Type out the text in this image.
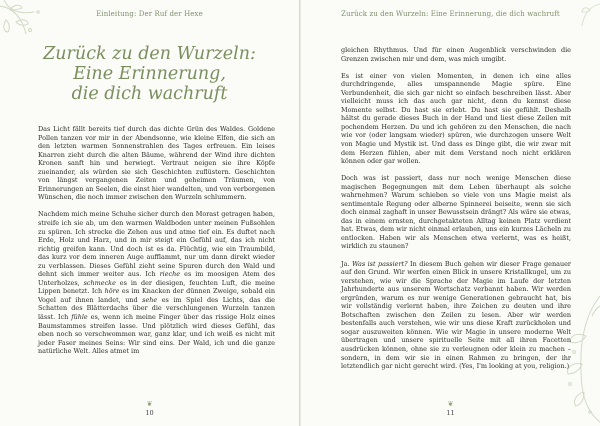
Einleitung: Der Ruf der Hexe
Zurück zu den Wurzeln:
Eine Erinnerung,
die dich wachruft

Das Licht fällt bereits tief durch das dichte Grün des Waldes. Goldene Pollen tanzen vor mir in der Abendsonne, wie kleine Elfen, die sich an den letzten warmen Sonnenstrahlen des Tages erfreuen. Ein leises Knarren zieht durch die alten Bäume, während der Wind ihre dichten Kronen sanft hin und herwiegt. Vertraut neigen sie ihre Köpfe zueinander, als würden sie sich Geschichten zuflüstern. Geschichten von längst vergangenen Zeiten und geheimen Träumen, von Erinnerungen an Seelen, die einst hier wandelten, und von verborgenen Wünschen, die noch immer zwischen den Wurzeln schlummern.

Nachdem mich meine Schuhe sicher durch den Morast getragen haben, streife ich sie ab, um den warmen Waldboden unter meinen Fußsohlen zu spüren. Ich strecke die Zehen aus und atme tief ein. Es duftet nach Erde, Holz und Harz, und in mir steigt ein Gefühl auf, das ich nicht richtig greifen kann. Und doch ist es da. Flüchtig, wie ein Traumbild, das kurz vor dem inneren Auge aufflammt, nur um dann direkt wieder zu verblassen. Dieses Gefühl zieht seine Spuren durch den Wald und dehnt sich immer weiter aus. Ich rieche es im moosigen Atem des Unterholzes, schmecke es in der diesigen, feuchten Luft, die meine Lippen benetzt. Ich höre es im Knacken der dünnen Zweige, sobald ein Vogel auf ihnen landet, und sehe es im Spiel des Lichts, das die Schatten des Blätterdachs über die verschlungenen Wurzeln tanzen lässt. Ich fühle es, wenn ich meine Finger über das rissige Holz eines Baumstammes streifen lasse. Und plötzlich wird dieses Gefühl, das eben noch so verschwommen war, ganz klar, und ich weiß es nicht mit jeder Faser meines Seins: Wir sind eins. Der Wald, ich und die ganze natürliche Welt. Alles atmet im

❦
10
Zurück zu den Wurzeln: Eine Erinnerung, die dich wachruft

gleichen Rhythmus. Und für einen Augenblick verschwinden die Grenzen zwischen mir und dem, was mich umgibt.

Es ist einer von vielen Momenten, in denen ich eine alles durchdringende, alles umspannende Magie spüre. Eine Verbundenheit, die sich gar nicht so einfach beschreiben lässt. Aber vielleicht muss ich das auch gar nicht, denn du kennst diese Momente selbst. Du hast sie erlebt. Du hast sie gefühlt. Deshalb hältst du gerade dieses Buch in der Hand und liest diese Zeilen mit pochendem Herzen. Du und ich gehören zu den Menschen, die nach wie vor (oder langsam wieder) spüren, wie durchzogen unsere Welt von Magie und Mystik ist. Und dass es Dinge gibt, die wir zwar mit dem Herzen fühlen, aber mit dem Verstand noch nicht erklären können oder gar wollen.

Doch was ist passiert, dass nur noch wenige Menschen diese magischen Begegnungen mit dem Leben überhaupt als solche wahrnehmen? Warum schieben so viele von uns Magie meist als sentimentale Regung oder alberne Spinnerei beiseite, wenn sie sich doch einmal zaghaft in unser Bewusstsein drängt? Als wäre sie etwas, das in einem ernsten, durchgetakteten Alltag keinen Platz verdient hat. Etwas, dem wir nicht einmal erlauben, uns ein kurzes Lächeln zu entlocken. Haben wir als Menschen etwa verlernt, was es heißt, wirklich zu staunen?

Ja. Was ist passiert? In diesem Buch gehen wir dieser Frage genauer auf den Grund. Wir werfen einen Blick in unsere Kristallkugel, um zu verstehen, wie wir die Sprache der Magie im Laufe der letzten Jahrhunderte aus unserem Wortschatz verbannt haben. Wir werden ergründen, warum es nur wenige Generationen gebraucht hat, bis wir vollständig verlernt haben, ihre Zeichen zu deuten und ihre Botschaften zwischen den Zeilen zu lesen. Aber wir werden bestenfalls auch verstehen, wie wir uns diese Kraft zurückholen und sogar auszuweiten können. Wie wir Magie in unsere moderne Welt übertragen und unsere spirituelle Seite mit all ihren Facetten ausdrücken können, ohne sie zu verleugnen oder klein zu machen – sondern, in dem wir sie in einen Rahmen zu bringen, der ihr letztendlich gar nicht gerecht wird. (Yes, I'm looking at you, religion.)

❦
11
